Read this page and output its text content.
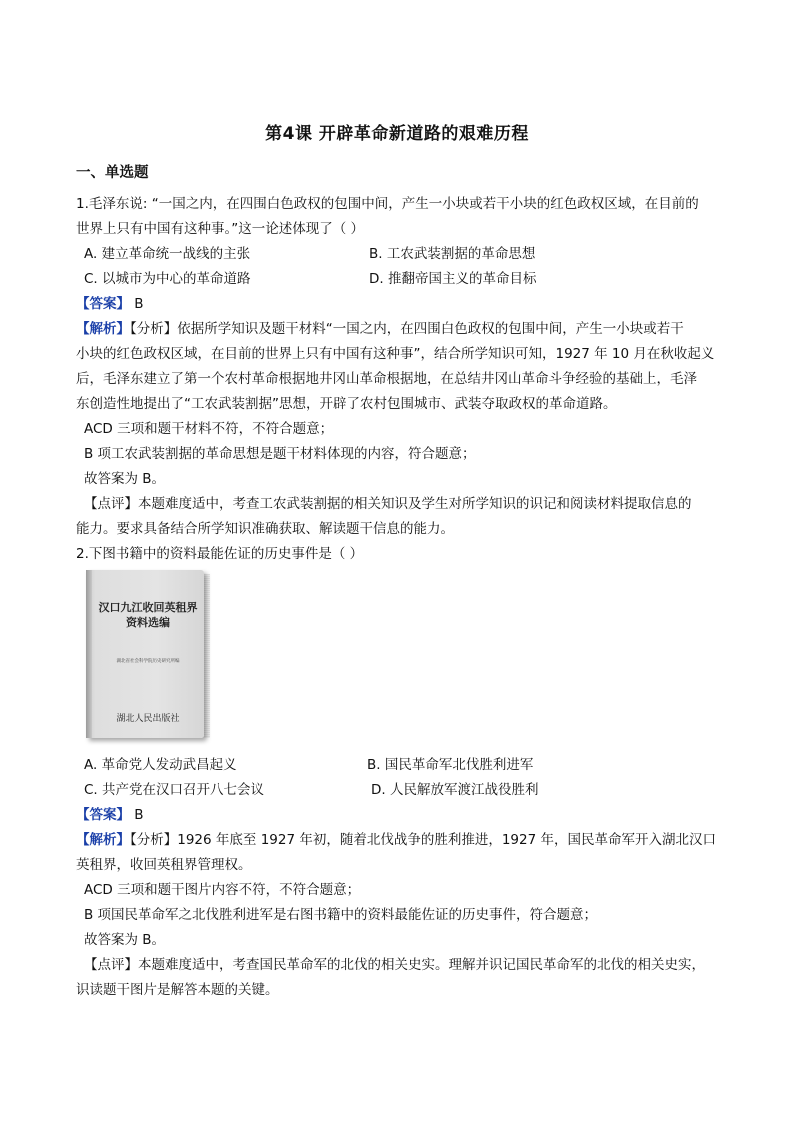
第4课 开辟革命新道路的艰难历程
一、单选题
1.毛泽东说: “一国之内，在四围白色政权的包围中间，产生一小块或若干小块的红色政权区域，在目前的
世界上只有中国有这种事。”这一论述体现了（ ）
A. 建立革命统一战线的主张	B. 工农武装割据的革命思想
C. 以城市为中心的革命道路	D. 推翻帝国主义的革命目标
【答案】 B
【解析】【分析】依据所学知识及题干材料“一国之内，在四围白色政权的包围中间，产生一小块或若干
小块的红色政权区域，在目前的世界上只有中国有这种事”，结合所学知识可知，1927 年 10 月在秋收起义
后，毛泽东建立了第一个农村革命根据地井冈山革命根据地，在总结井冈山革命斗争经验的基础上，毛泽
东创造性地提出了“工农武装割据”思想，开辟了农村包围城市、武装夺取政权的革命道路。
ACD 三项和题干材料不符，不符合题意；
B 项工农武装割据的革命思想是题干材料体现的内容，符合题意；
故答案为 B。
【点评】本题难度适中，考查工农武装割据的相关知识及学生对所学知识的识记和阅读材料提取信息的
能力。要求具备结合所学知识准确获取、解读题干信息的能力。
2.下图书籍中的资料最能佐证的历史事件是（ ）
汉口九江收回英租界
资料选编
湖北省社会科学院历史研究所编
湖北人民出版社
A. 革命党人发动武昌起义	B. 国民革命军北伐胜利进军
C. 共产党在汉口召开八七会议	D. 人民解放军渡江战役胜利
【答案】 B
【解析】【分析】1926 年底至 1927 年初，随着北伐战争的胜利推进，1927 年，国民革命军开入湖北汉口
英租界，收回英租界管理权。
ACD 三项和题干图片内容不符，不符合题意；
B 项国民革命军之北伐胜利进军是右图书籍中的资料最能佐证的历史事件，符合题意；
故答案为 B。
【点评】本题难度适中，考查国民革命军的北伐的相关史实。理解并识记国民革命军的北伐的相关史实，
识读题干图片是解答本题的关键。
